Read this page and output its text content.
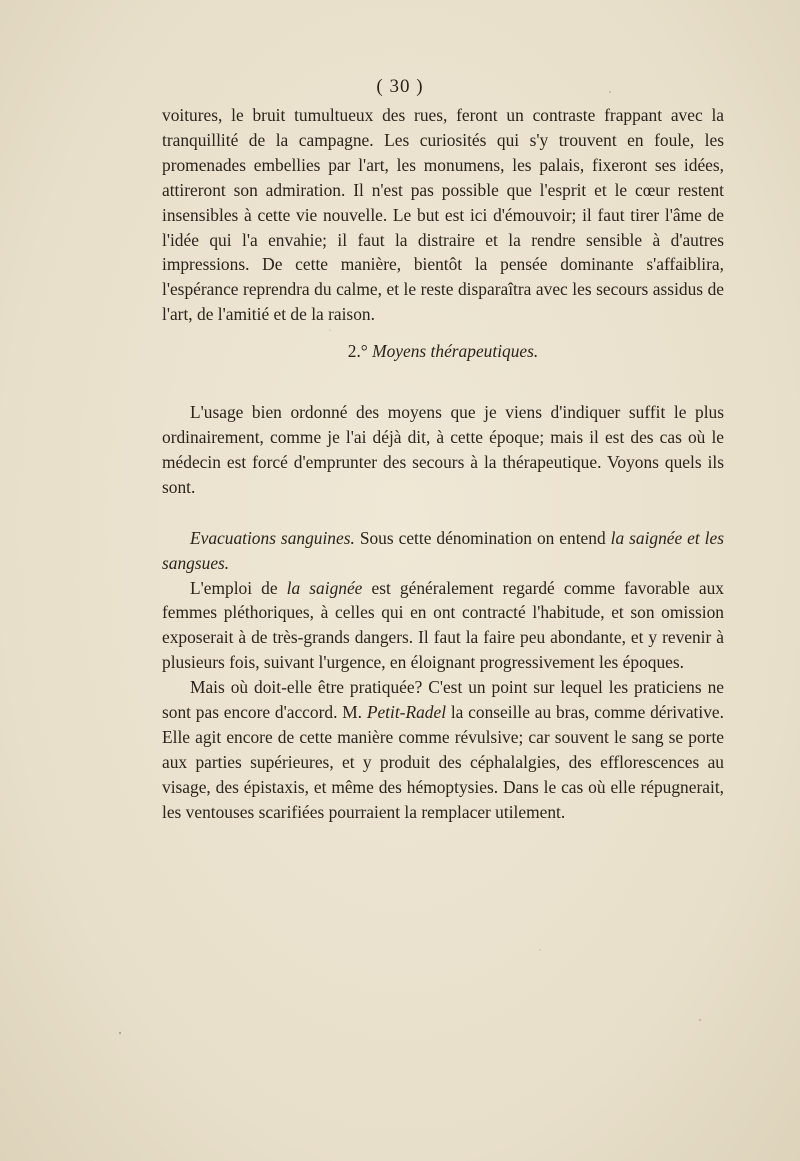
( 30 )

voitures, le bruit tumultueux des rues, feront un contraste frappant avec la tranquillité de la campagne. Les curiosités qui s'y trouvent en foule, les promenades embellies par l'art, les monumens, les palais, fixeront ses idées, attireront son admiration. Il n'est pas possible que l'esprit et le cœur restent insensibles à cette vie nouvelle. Le but est ici d'émouvoir; il faut tirer l'âme de l'idée qui l'a envahie; il faut la distraire et la rendre sensible à d'autres impressions. De cette manière, bientôt la pensée dominante s'affaiblira, l'espérance reprendra du calme, et le reste disparaîtra avec les secours assidus de l'art, de l'amitié et de la raison.

2.° Moyens thérapeutiques.

L'usage bien ordonné des moyens que je viens d'indiquer suffit le plus ordinairement, comme je l'ai déjà dit, à cette époque; mais il est des cas où le médecin est forcé d'emprunter des secours à la thérapeutique. Voyons quels ils sont.

Evacuations sanguines. Sous cette dénomination on entend la saignée et les sangsues.

L'emploi de la saignée est généralement regardé comme favorable aux femmes pléthoriques, à celles qui en ont contracté l'habitude, et son omission exposerait à de très-grands dangers. Il faut la faire peu abondante, et y revenir à plusieurs fois, suivant l'urgence, en éloignant progressivement les époques.

Mais où doit-elle être pratiquée? C'est un point sur lequel les praticiens ne sont pas encore d'accord. M. Petit-Radel la conseille au bras, comme dérivative. Elle agit encore de cette manière comme révulsive; car souvent le sang se porte aux parties supérieures, et y produit des céphalalgies, des efflorescences au visage, des épistaxis, et même des hémoptysies. Dans le cas où elle répugnerait, les ventouses scarifiées pourraient la remplacer utilement.
